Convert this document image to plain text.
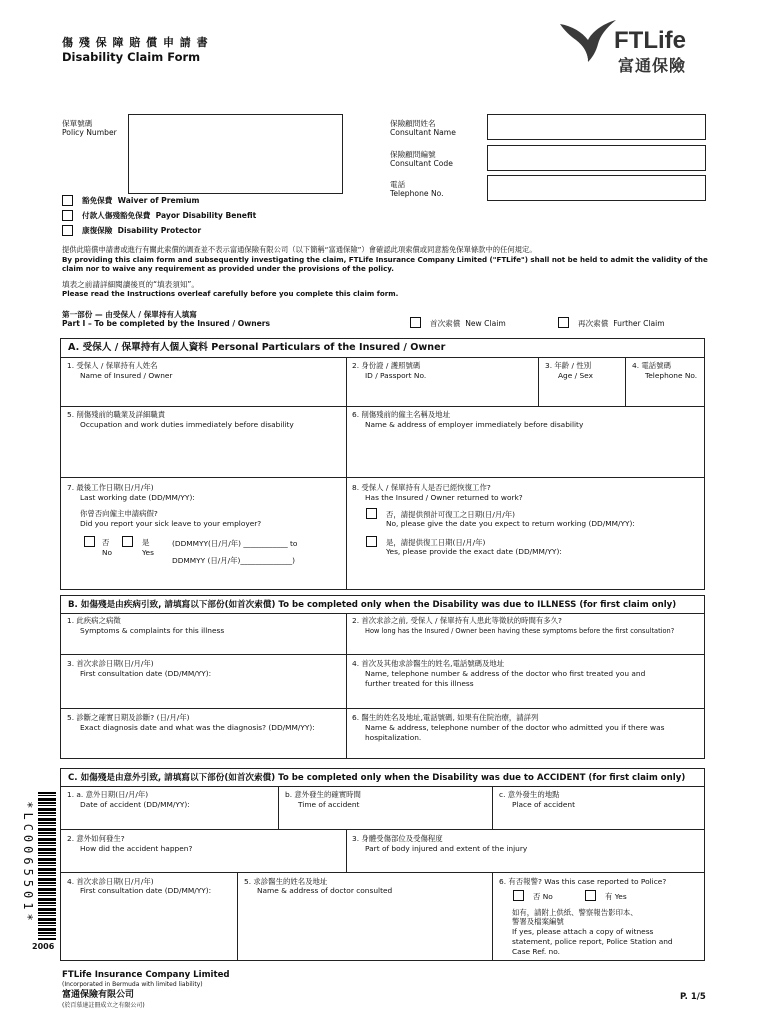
傷 殘 保 障 賠 償 申 請 書
Disability Claim Form
FTLife
富通保險
保單號碼
Policy Number
保險顧問姓名
Consultant Name
保險顧問編號
Consultant Code
電話
Telephone No.
豁免保費 Waiver of Premium
付款人傷殘豁免保費 Payor Disability Benefit
康復保險 Disability Protector
提供此賠償申請書或進行有關此索償的調查並不表示富通保險有限公司（以下簡稱“富通保險”）會確認此項索償或同意豁免保單條款中的任何規定。
By providing this claim form and subsequently investigating the claim, FTLife Insurance Company Limited ("FTLife") shall not be held to admit the validity of the
claim nor to waive any requirement as provided under the provisions of the policy.
填表之前請詳細閱讀後頁的“填表須知”。
Please read the Instructions overleaf carefully before you complete this claim form.
第一部份 — 由受保人 / 保單持有人填寫
Part I – To be completed by the Insured / Owners	首次索償 New Claim	再次索償 Further Claim
A. 受保人 / 保單持有人個人資料 Personal Particulars of the Insured / Owner
1. 受保人 / 保單持有人姓名
Name of Insured / Owner
2. 身份證 / 護照號碼
ID / Passport No.
3. 年齡 / 性別
Age / Sex
4. 電話號碼
Telephone No.
5. 削傷殘前的職業及詳細職責
Occupation and work duties immediately before disability
6. 削傷殘前的僱主名稱及地址
Name & address of employer immediately before disability
7. 最後工作日期(日/月/年)
Last working date (DD/MM/YY):
你曾否向僱主申請病假?
Did you report your sick leave to your employer?
否
No
是
Yes
(DDMMYY(日/月/年) ____________ to
DDMMYY (日/月/年)______________)
8. 受保人 / 保單持有人是否已經恢復工作?
Has the Insured / Owner returned to work?
否，請提供預計可復工之日期(日/月/年)
No, please give the date you expect to return working (DD/MM/YY):
是，請提供復工日期(日/月/年)
Yes, please provide the exact date (DD/MM/YY):
B. 如傷殘是由疾病引致, 請填寫以下部份(如首次索償) To be completed only when the Disability was due to ILLNESS (for first claim only)
1. 此疾病之病徵
Symptoms & complaints for this illness
2. 首次求診之前, 受保人 / 保單持有人患此等徵狀的時間有多久?
How long has the Insured / Owner been having these symptoms before the first consultation?
3. 首次求診日期(日/月/年)
First consultation date (DD/MM/YY):
4. 首次及其他求診醫生的姓名,電話號碼及地址
Name, telephone number & address of the doctor who first treated you and
further treated for this illness
5. 診斷之確實日期及診斷? (日/月/年)
Exact diagnosis date and what was the diagnosis? (DD/MM/YY):
6. 醫生的姓名及地址,電話號碼, 如果有住院治療，請詳列
Name & address, telephone number of the doctor who admitted you if there was
hospitalization.
C. 如傷殘是由意外引致, 請填寫以下部份(如首次索償) To be completed only when the Disability was due to ACCIDENT (for first claim only)
1. a. 意外日期(日/月/年)
Date of accident (DD/MM/YY):
b. 意外發生的確實時間
Time of accident
c. 意外發生的地點
Place of accident
2. 意外如何發生?
How did the accident happen?
3. 身體受傷部位及受傷程度
Part of body injured and extent of the injury
4. 首次求診日期(日/月/年)
First consultation date (DD/MM/YY):
5. 求診醫生的姓名及地址
Name & address of doctor consulted
6. 有否報警? Was this case reported to Police?
否 No	有 Yes
如有，請附上供紙、警察報告影印本、
警署及檔案編號
If yes, please attach a copy of witness
statement, police report, Police Station and
Case Ref. no.
*LC0065501*
2006
FTLife Insurance Company Limited
(Incorporated in Bermuda with limited liability)
富通保險有限公司
(於百慕達註冊成立之有限公司)
P. 1/5
